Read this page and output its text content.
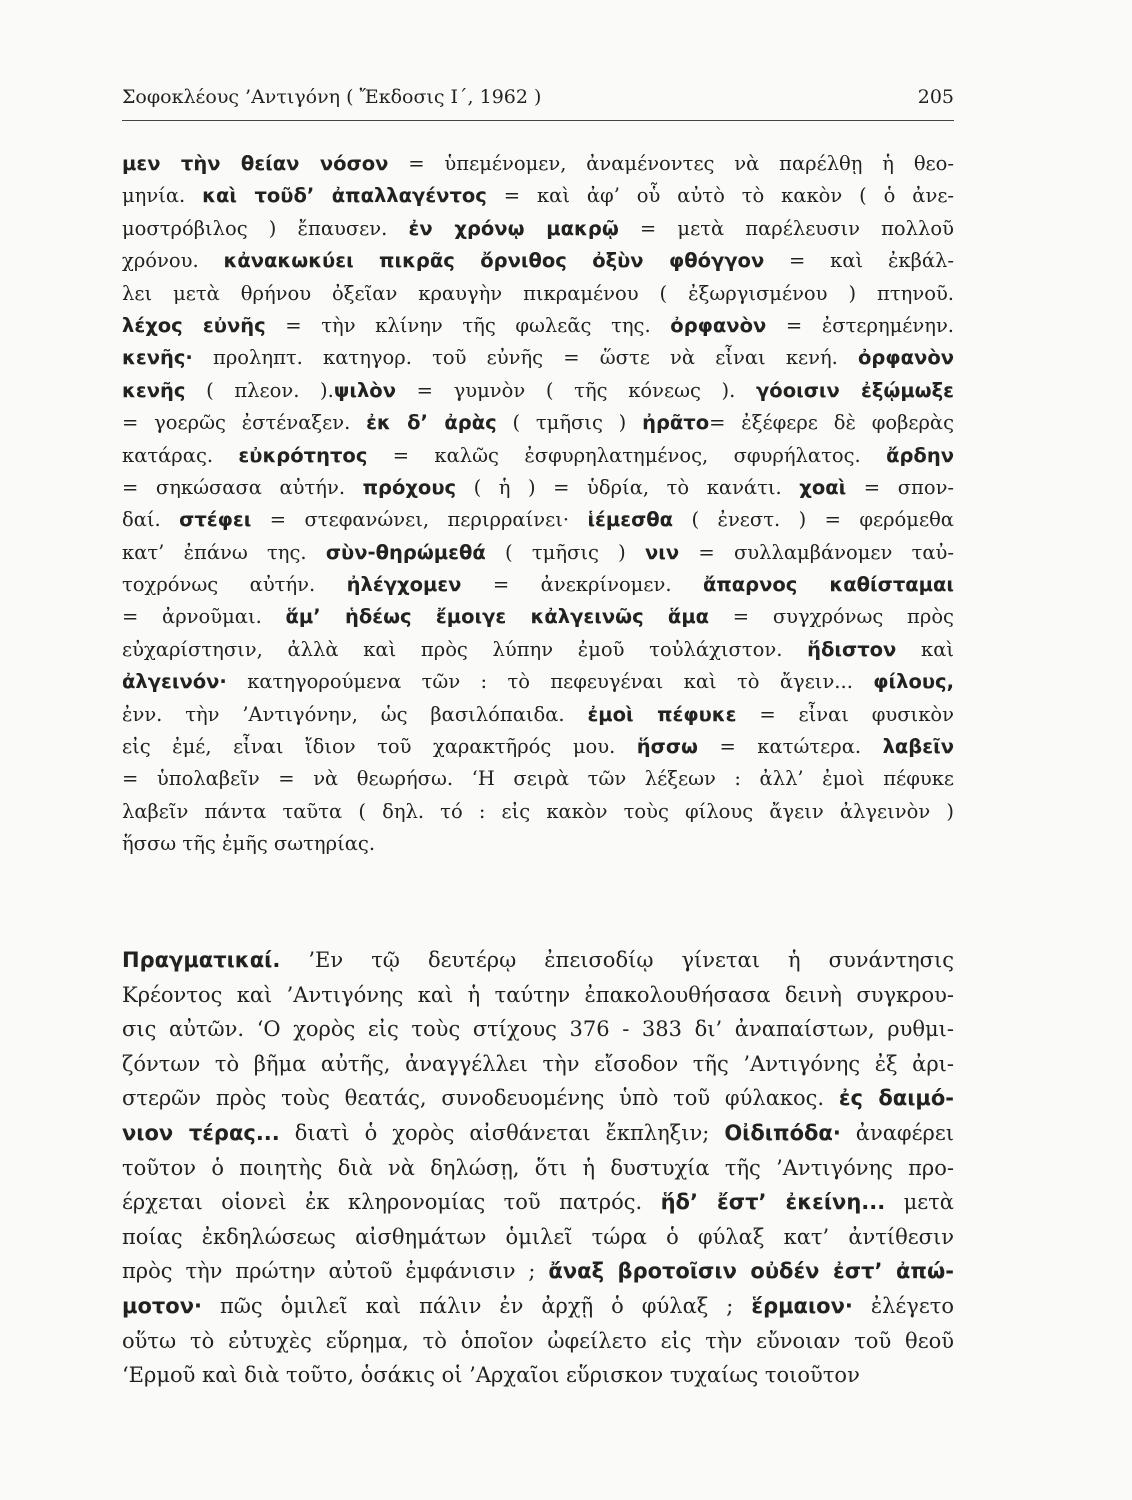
Σοφοκλέους ’Αντιγόνη ( Ἔκδοσις Ι΄, 1962 )	205
μεν τὴν θείαν νόσον = ὑπεμένομεν, ἀναμένοντες νὰ παρέλθῃ ἡ θεο-
μηνία. καὶ τοῦδ’ ἀπαλλαγέντος = καὶ ἀφ’ οὗ αὐτὸ τὸ κακὸν ( ὁ ἀνε-
μοστρόβιλος ) ἔπαυσεν. ἐν χρόνῳ μακρῷ = μετὰ παρέλευσιν πολλοῦ
χρόνου. κἀνακωκύει πικρᾶς ὄρνιθος ὀξὺν φθόγγον = καὶ ἐκβάλ-
λει μετὰ θρήνου ὀξεῖαν κραυγὴν πικραμένου ( ἐξωργισμένου ) πτηνοῦ.
λέχος εὐνῆς = τὴν κλίνην τῆς φωλεᾶς της. ὀρφανὸν = ἐστερημένην.
κενῆς· προληπτ. κατηγορ. τοῦ εὐνῆς = ὥστε νὰ εἶναι κενή. ὀρφανὸν
κενῆς ( πλεον. ).ψιλὸν = γυμνὸν ( τῆς κόνεως ). γόοισιν ἐξῴμωξε
= γοερῶς ἐστέναξεν. ἐκ δ’ ἀρὰς ( τμῆσις ) ἠρᾶτο= ἐξέφερε δὲ φοβερὰς
κατάρας. εὐκρότητος = καλῶς ἐσφυρηλατημένος, σφυρήλατος. ἄρδην
= σηκώσασα αὐτήν. πρόχους ( ἡ ) = ὑδρία, τὸ κανάτι. χοαὶ = σπον-
δαί. στέφει = στεφανώνει, περιρραίνει· ἱέμεσθα ( ἐνεστ. ) = φερόμεθα
κατ’ ἐπάνω της. σὺν-θηρώμεθά ( τμῆσις ) νιν = συλλαμβάνομεν ταὐ-
τοχρόνως αὐτήν. ἠλέγχομεν = ἀνεκρίνομεν. ἄπαρνος καθίσταμαι
= ἀρνοῦμαι. ἅμ’ ἡδέως ἔμοιγε κἀλγεινῶς ἅμα = συγχρόνως πρὸς
εὐχαρίστησιν, ἀλλὰ καὶ πρὸς λύπην ἐμοῦ τοὐλάχιστον. ἥδιστον καὶ
ἀλγεινόν· κατηγορούμενα τῶν : τὸ πεφευγέναι καὶ τὸ ἄγειν... φίλους,
ἐνν. τὴν ’Αντιγόνην, ὡς βασιλόπαιδα. ἐμοὶ πέφυκε = εἶναι φυσικὸν
εἰς ἐμέ, εἶναι ἴδιον τοῦ χαρακτῆρός μου. ἥσσω = κατώτερα. λαβεῖν
= ὑπολαβεῖν = νὰ θεωρήσω. ‘Η σειρὰ τῶν λέξεων : ἀλλ’ ἐμοὶ πέφυκε
λαβεῖν πάντα ταῦτα ( δηλ. τό : εἰς κακὸν τοὺς φίλους ἄγειν ἀλγεινὸν )
ἥσσω τῆς ἐμῆς σωτηρίας.
Πραγματικαί. ’Εν τῷ δευτέρῳ ἐπεισοδίῳ γίνεται ἡ συνάντησις
Κρέοντος καὶ ’Αντιγόνης καὶ ἡ ταύτην ἐπακολουθήσασα δεινὴ συγκρου-
σις αὐτῶν. ‘Ο χορὸς εἰς τοὺς στίχους 376 - 383 δι’ ἀναπαίστων, ρυθμι-
ζόντων τὸ βῆμα αὐτῆς, ἀναγγέλλει τὴν εἴσοδον τῆς ’Αντιγόνης ἐξ ἀρι-
στερῶν πρὸς τοὺς θεατάς, συνοδευομένης ὑπὸ τοῦ φύλακος. ἐς δαιμό-
νιον τέρας... διατὶ ὁ χορὸς αἰσθάνεται ἔκπληξιν; Οἰδιπόδα· ἀναφέρει
τοῦτον ὁ ποιητὴς διὰ νὰ δηλώσῃ, ὅτι ἡ δυστυχία τῆς ’Αντιγόνης προ-
έρχεται οἱονεὶ ἐκ κληρονομίας τοῦ πατρός. ἥδ’ ἔστ’ ἐκείνη... μετὰ
ποίας ἐκδηλώσεως αἰσθημάτων ὁμιλεῖ τώρα ὁ φύλαξ κατ’ ἀντίθεσιν
πρὸς τὴν πρώτην αὐτοῦ ἐμφάνισιν ; ἄναξ βροτοῖσιν οὐδέν ἐστ’ ἀπώ-
μοτον· πῶς ὁμιλεῖ καὶ πάλιν ἐν ἀρχῇ ὁ φύλαξ ; ἕρμαιον· ἐλέγετο
οὕτω τὸ εὐτυχὲς εὕρημα, τὸ ὁποῖον ὠφείλετο εἰς τὴν εὔνοιαν τοῦ θεοῦ
‘Ερμοῦ καὶ διὰ τοῦτο, ὁσάκις οἱ ’Αρχαῖοι εὕρισκον τυχαίως τοιοῦτον
